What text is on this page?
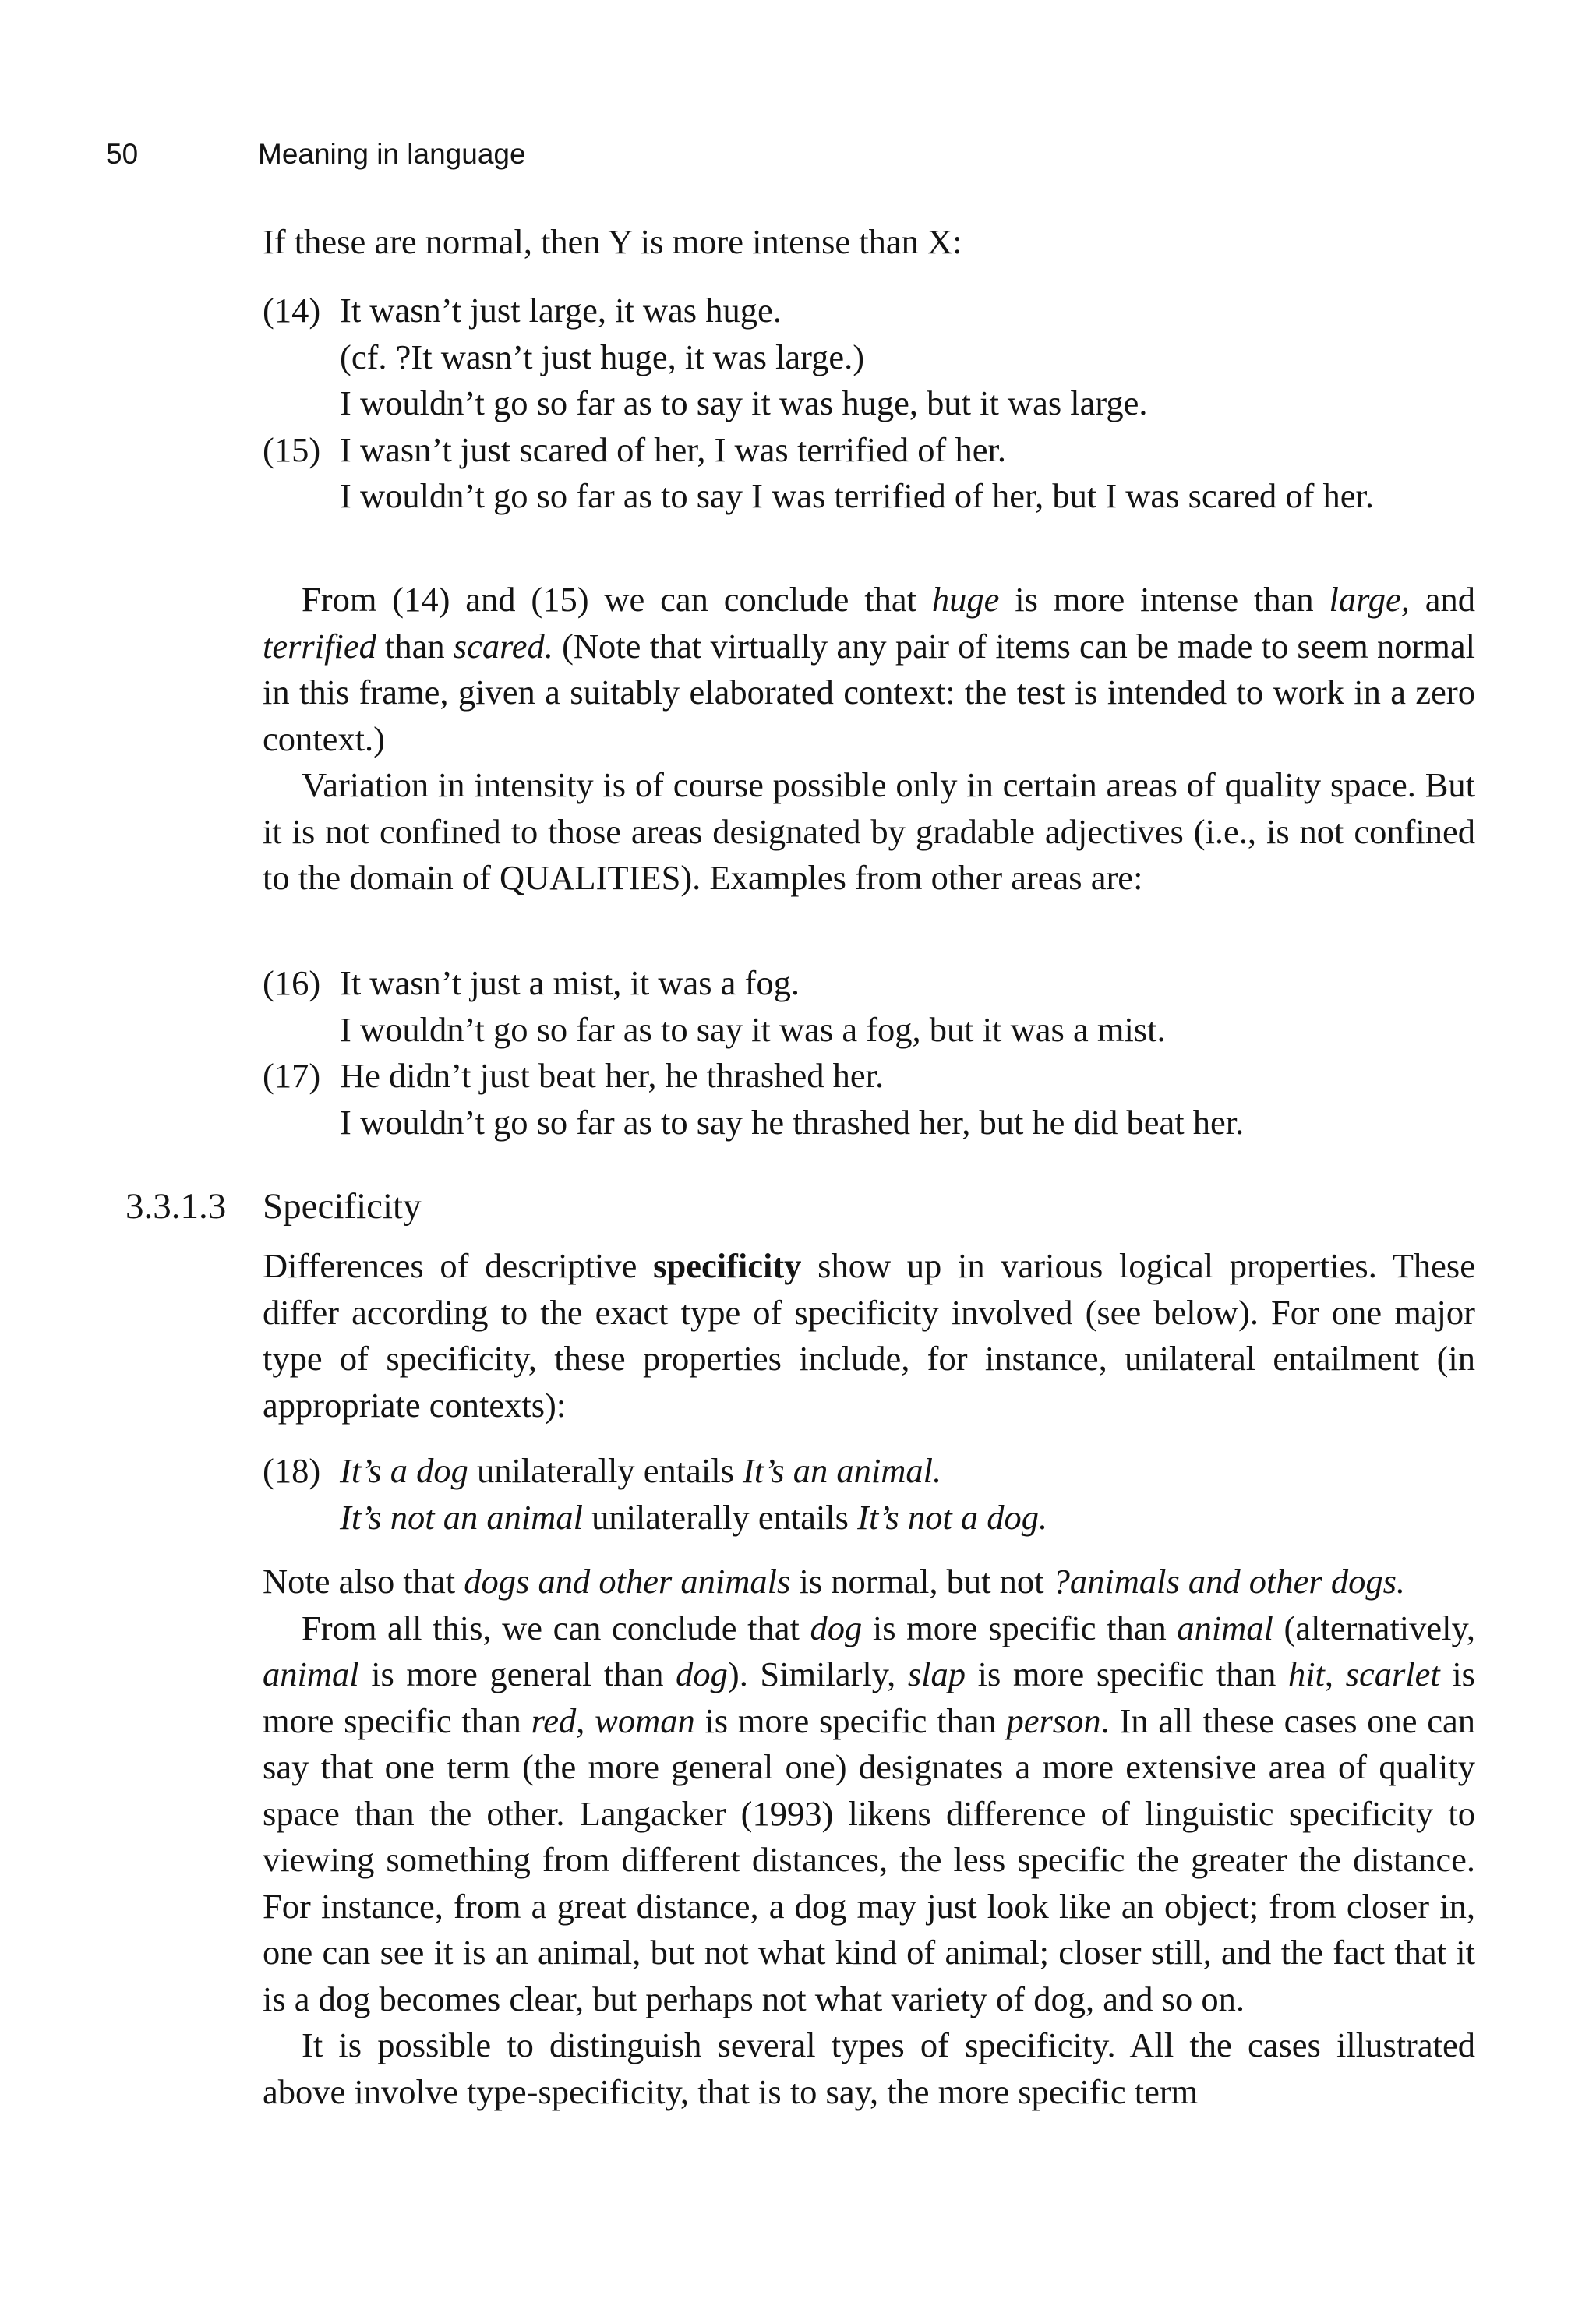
50	Meaning in language

If these are normal, then Y is more intense than X:

(14) It wasn’t just large, it was huge.
(cf. ?It wasn’t just huge, it was large.)
I wouldn’t go so far as to say it was huge, but it was large.
(15) I wasn’t just scared of her, I was terrified of her.
I wouldn’t go so far as to say I was terrified of her, but I was scared of her.

From (14) and (15) we can conclude that huge is more intense than large, and terrified than scared. (Note that virtually any pair of items can be made to seem normal in this frame, given a suitably elaborated context: the test is intended to work in a zero context.)

Variation in intensity is of course possible only in certain areas of quality space. But it is not confined to those areas designated by gradable adjectives (i.e., is not confined to the domain of QUALITIES). Examples from other areas are:

(16) It wasn’t just a mist, it was a fog.
I wouldn’t go so far as to say it was a fog, but it was a mist.
(17) He didn’t just beat her, he thrashed her.
I wouldn’t go so far as to say he thrashed her, but he did beat her.
3.3.1.3 Specificity

Differences of descriptive specificity show up in various logical properties. These differ according to the exact type of specificity involved (see below). For one major type of specificity, these properties include, for instance, unilateral entailment (in appropriate contexts):

(18) It’s a dog unilaterally entails It’s an animal.
It’s not an animal unilaterally entails It’s not a dog.

Note also that dogs and other animals is normal, but not ?animals and other dogs.

From all this, we can conclude that dog is more specific than animal (alternatively, animal is more general than dog). Similarly, slap is more specific than hit, scarlet is more specific than red, woman is more specific than person. In all these cases one can say that one term (the more general one) designates a more extensive area of quality space than the other. Langacker (1993) likens difference of linguistic specificity to viewing something from different distances, the less specific the greater the distance. For instance, from a great distance, a dog may just look like an object; from closer in, one can see it is an animal, but not what kind of animal; closer still, and the fact that it is a dog becomes clear, but perhaps not what variety of dog, and so on.

It is possible to distinguish several types of specificity. All the cases illustrated above involve type-specificity, that is to say, the more specific term
